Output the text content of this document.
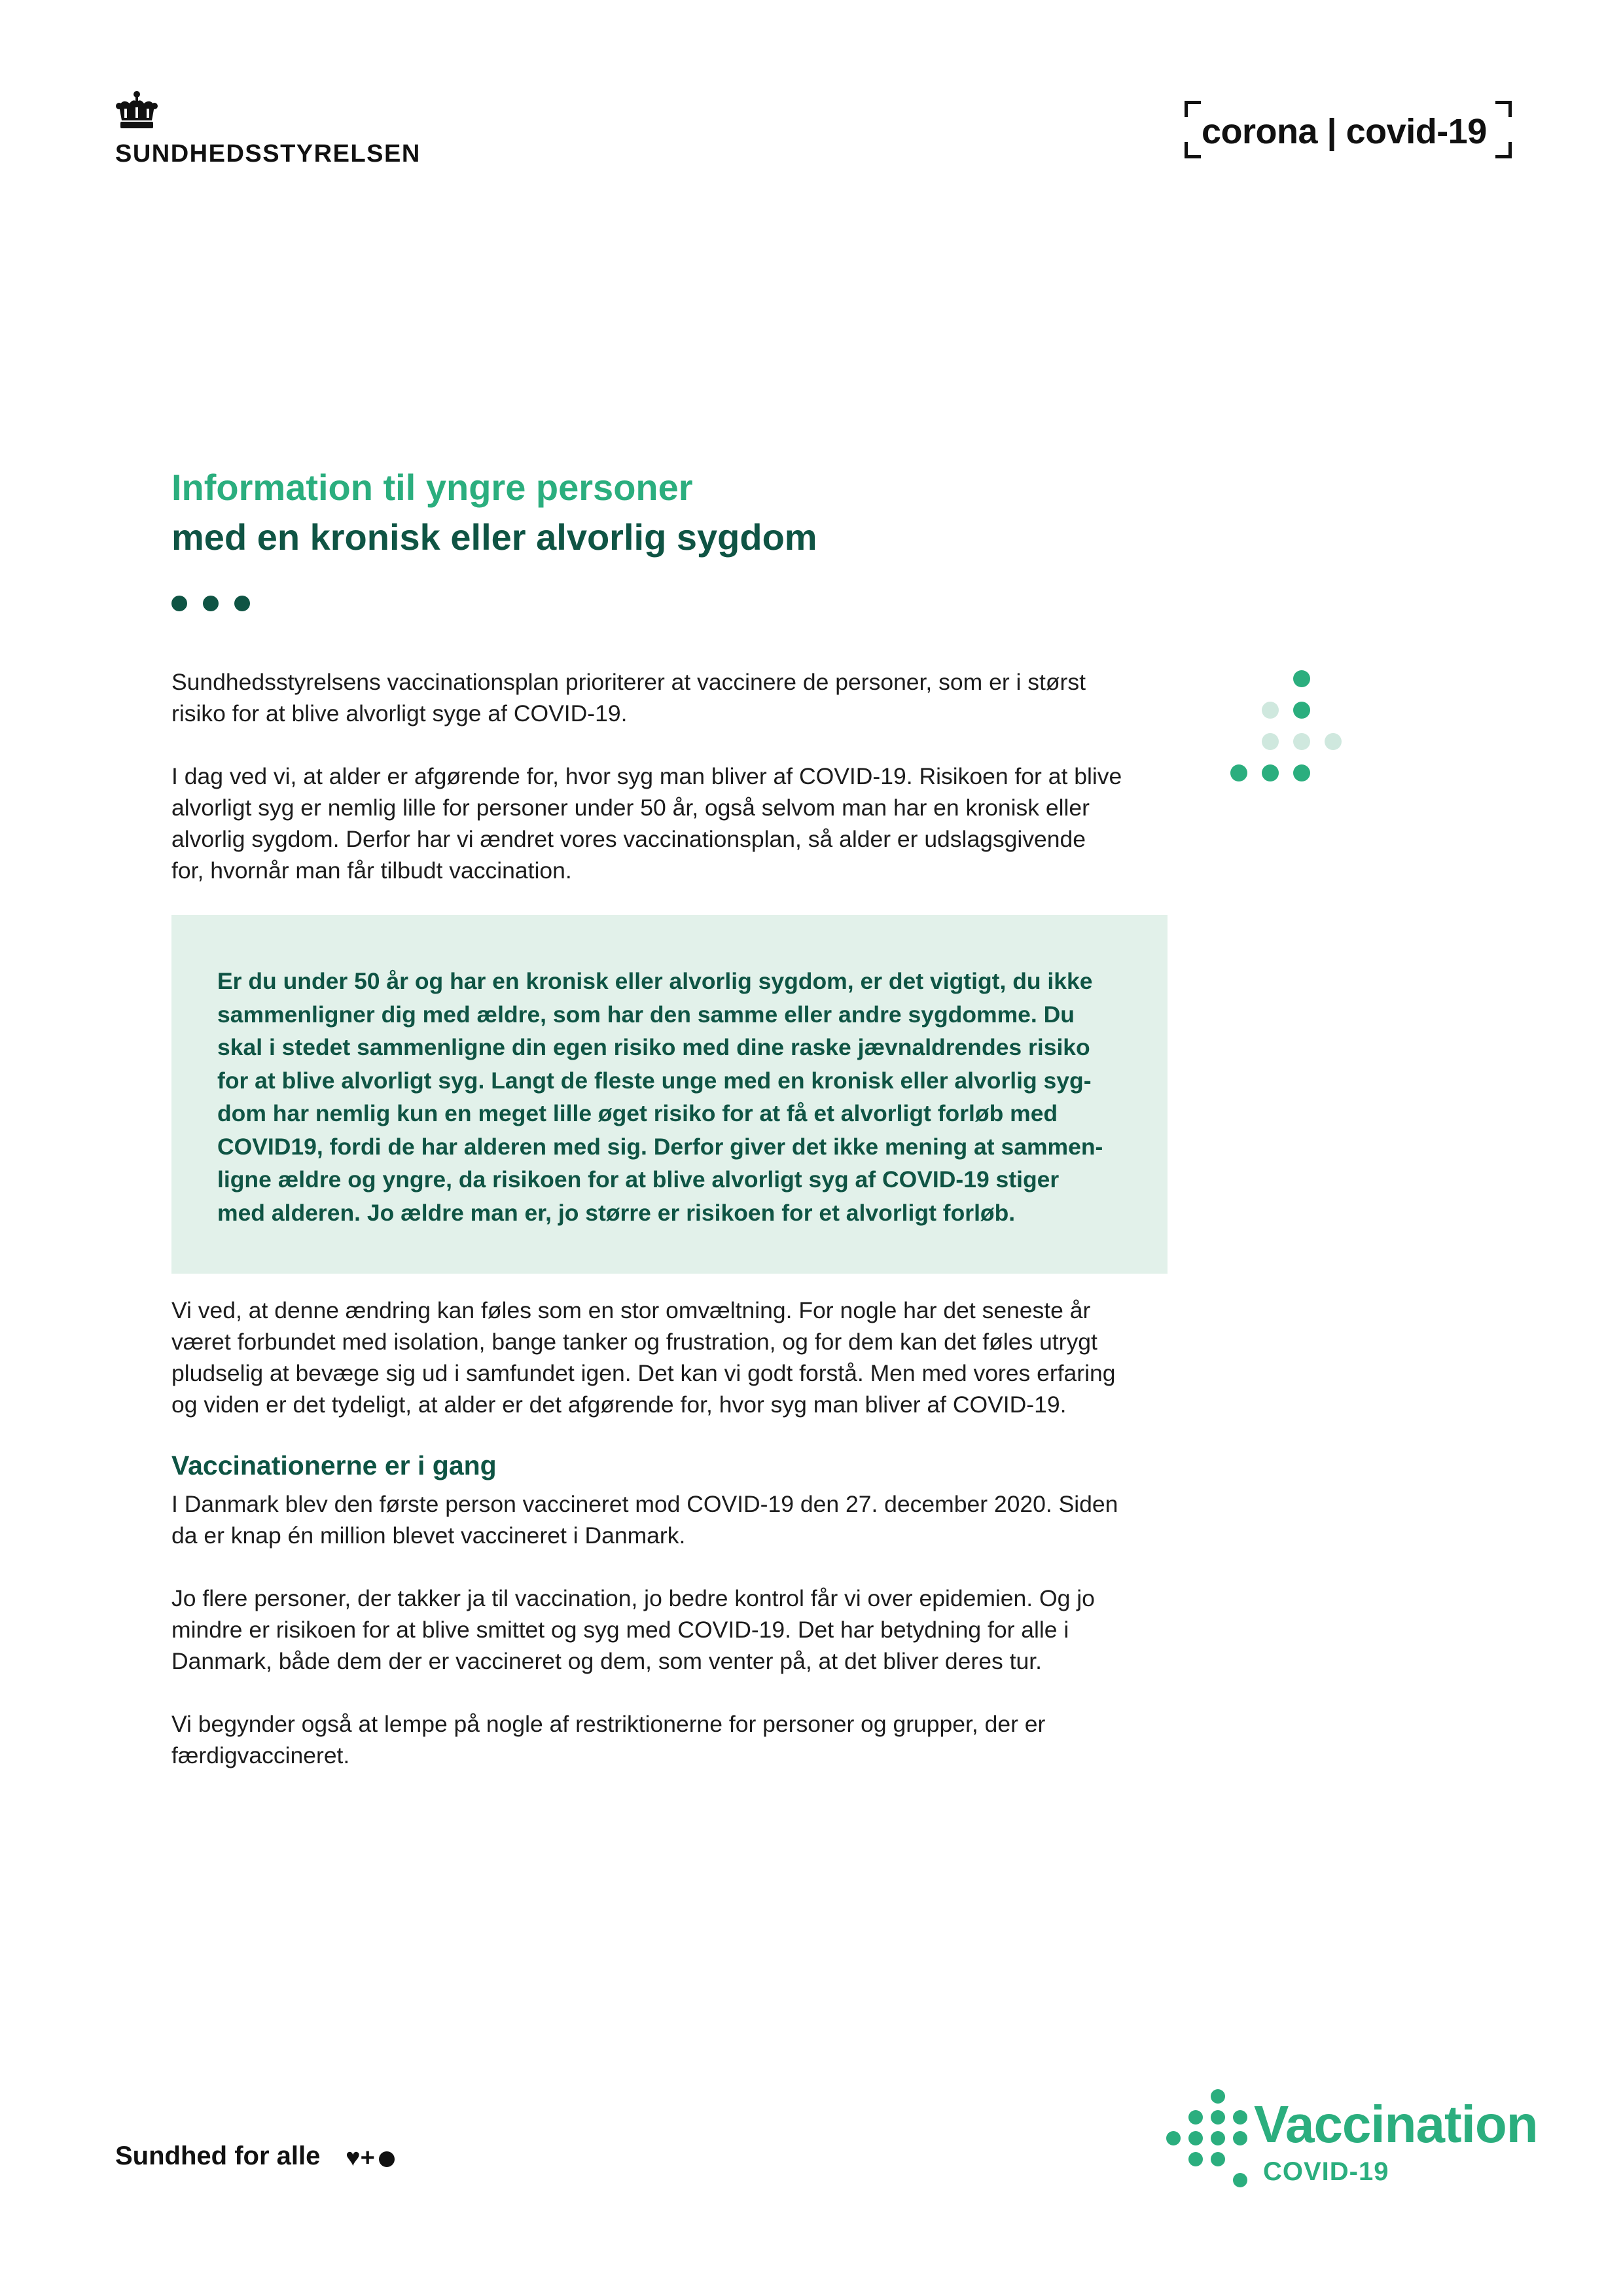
SUNDHEDSSTYRELSEN
corona | covid-19
Information til yngre personer
med en kronisk eller alvorlig sygdom
Sundhedsstyrelsens vaccinationsplan prioriterer at vaccinere de personer, som er i størst
risiko for at blive alvorligt syge af COVID-19.
I dag ved vi, at alder er afgørende for, hvor syg man bliver af COVID-19. Risikoen for at blive
alvorligt syg er nemlig lille for personer under 50 år, også selvom man har en kronisk eller
alvorlig sygdom. Derfor har vi ændret vores vaccinationsplan, så alder er udslagsgivende
for, hvornår man får tilbudt vaccination.
Er du under 50 år og har en kronisk eller alvorlig sygdom, er det vigtigt, du ikke
sammenligner dig med ældre, som har den samme eller andre sygdomme. Du
skal i stedet sammenligne din egen risiko med dine raske jævnaldrendes risiko
for at blive alvorligt syg. Langt de fleste unge med en kronisk eller alvorlig syg-
dom har nemlig kun en meget lille øget risiko for at få et alvorligt forløb med
COVID19, fordi de har alderen med sig. Derfor giver det ikke mening at sammen-
ligne ældre og yngre, da risikoen for at blive alvorligt syg af COVID-19 stiger
med alderen. Jo ældre man er, jo større er risikoen for et alvorligt forløb.
Vi ved, at denne ændring kan føles som en stor omvæltning. For nogle har det seneste år
været forbundet med isolation, bange tanker og frustration, og for dem kan det føles utrygt
pludselig at bevæge sig ud i samfundet igen. Det kan vi godt forstå. Men med vores erfaring
og viden er det tydeligt, at alder er det afgørende for, hvor syg man bliver af COVID-19.
Vaccinationerne er i gang
I Danmark blev den første person vaccineret mod COVID-19 den 27. december 2020. Siden
da er knap én million blevet vaccineret i Danmark.
Jo flere personer, der takker ja til vaccination, jo bedre kontrol får vi over epidemien. Og jo
mindre er risikoen for at blive smittet og syg med COVID-19. Det har betydning for alle i
Danmark, både dem der er vaccineret og dem, som venter på, at det bliver deres tur.
Vi begynder også at lempe på nogle af restriktionerne for personer og grupper, der er
færdigvaccineret.
Sundhed for alle ♥+
Vaccination
COVID-19
